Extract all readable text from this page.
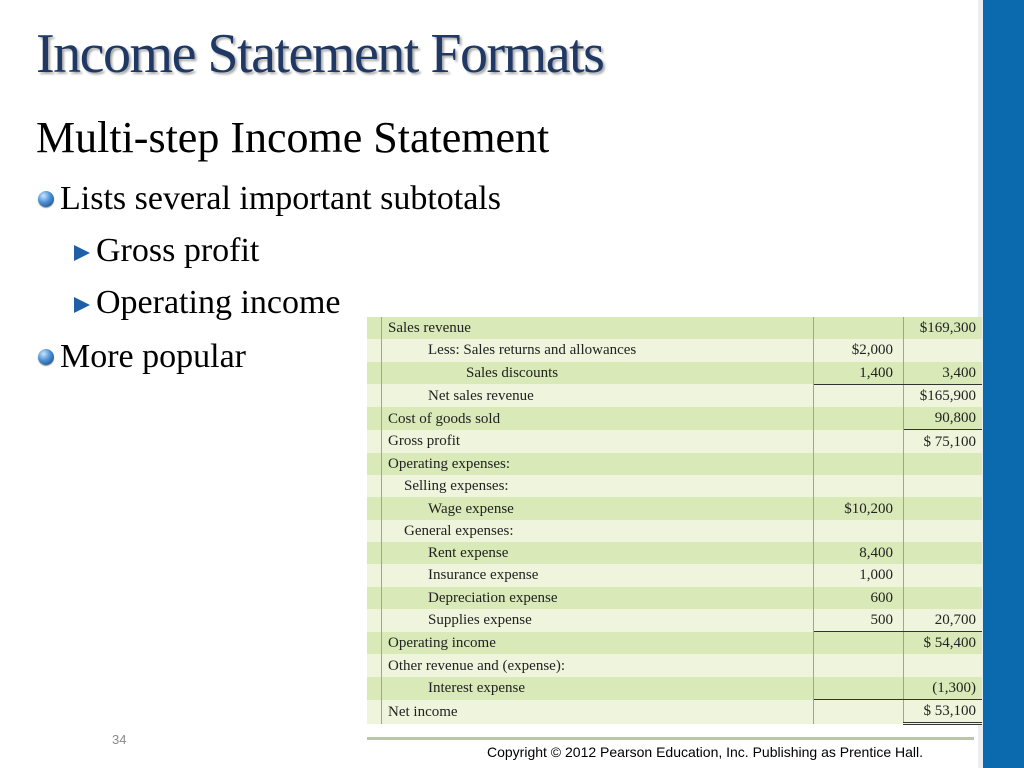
Income Statement Formats
Multi-step Income Statement
Lists several important subtotals
Gross profit
Operating income
More popular
	Sales revenue		$169,300
	Less: Sales returns and allowances	$2,000	
	Sales discounts	1,400	3,400
	Net sales revenue		$165,900
	Cost of goods sold		90,800
	Gross profit		$ 75,100
	Operating expenses:		
	Selling expenses:		
	Wage expense	$10,200	
	General expenses:		
	Rent expense	8,400	
	Insurance expense	1,000	
	Depreciation expense	600	
	Supplies expense	500	20,700
	Operating income		$ 54,400
	Other revenue and (expense):		
	Interest expense		(1,300)
	Net income		$ 53,100
34
Copyright © 2012 Pearson Education, Inc. Publishing as Prentice Hall.
